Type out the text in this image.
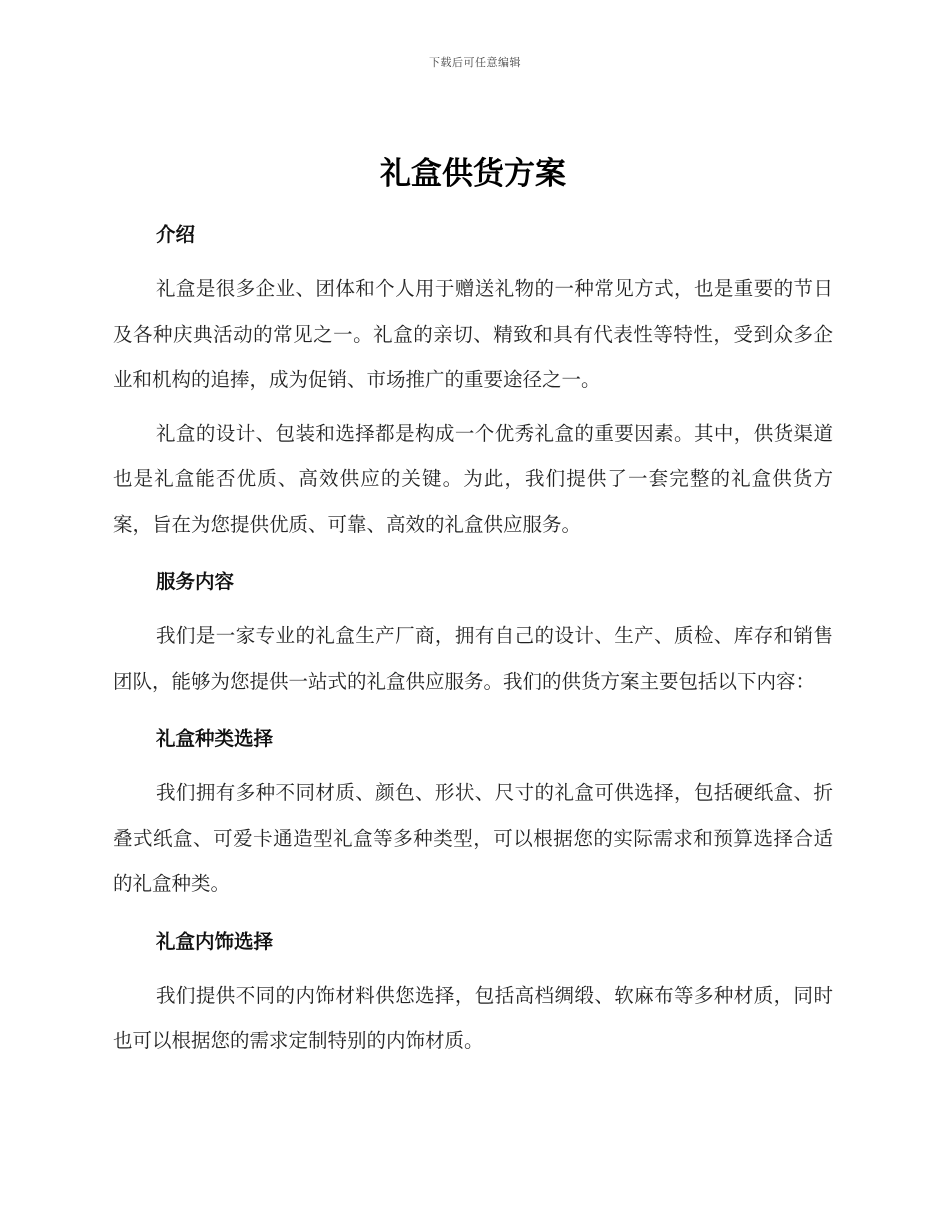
下载后可任意编辑
礼盒供货方案
介绍

礼盒是很多企业、团体和个人用于赠送礼物的一种常见方式，也是重要的节日及各种庆典活动的常见之一。礼盒的亲切、精致和具有代表性等特性，受到众多企业和机构的追捧，成为促销、市场推广的重要途径之一。

礼盒的设计、包装和选择都是构成一个优秀礼盒的重要因素。其中，供货渠道也是礼盒能否优质、高效供应的关键。为此，我们提供了一套完整的礼盒供货方案，旨在为您提供优质、可靠、高效的礼盒供应服务。

服务内容

我们是一家专业的礼盒生产厂商，拥有自己的设计、生产、质检、库存和销售团队，能够为您提供一站式的礼盒供应服务。我们的供货方案主要包括以下内容：

礼盒种类选择

我们拥有多种不同材质、颜色、形状、尺寸的礼盒可供选择，包括硬纸盒、折叠式纸盒、可爱卡通造型礼盒等多种类型，可以根据您的实际需求和预算选择合适的礼盒种类。

礼盒内饰选择

我们提供不同的内饰材料供您选择，包括高档绸缎、软麻布等多种材质，同时也可以根据您的需求定制特别的内饰材质。
